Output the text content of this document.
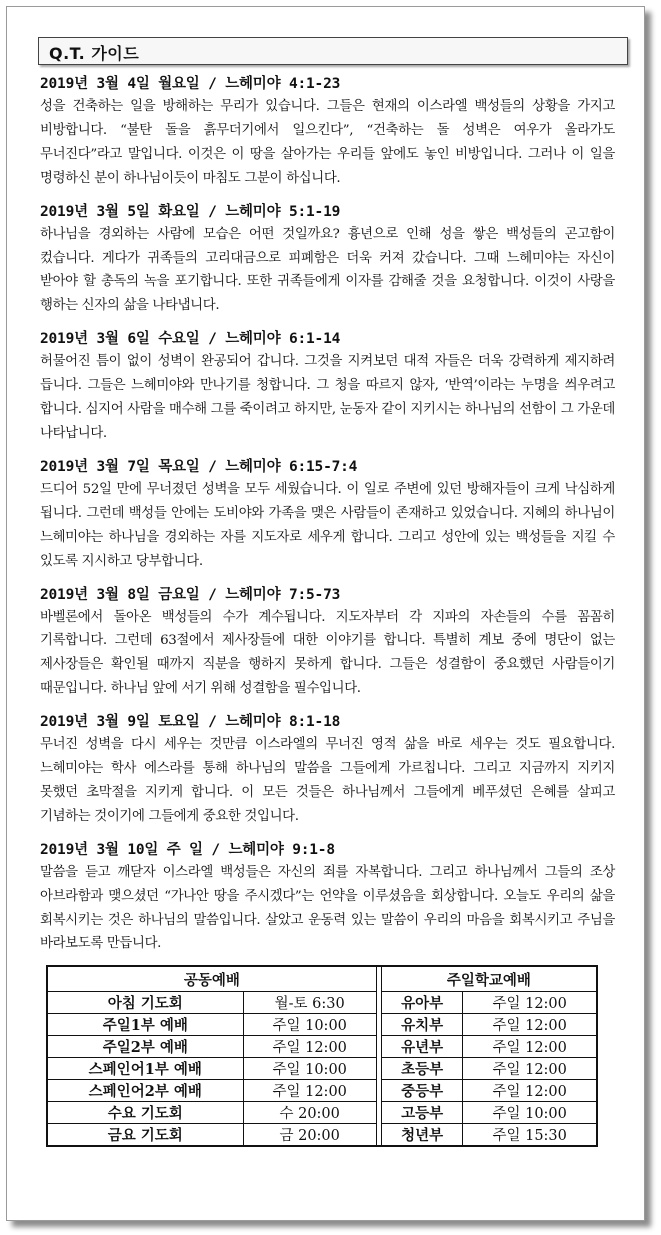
Q.T. 가이드
2019년 3월 4일 월요일 / 느헤미야 4:1-23

성을 건축하는 일을 방해하는 무리가 있습니다. 그들은 현재의 이스라엘 백성들의 상황을 가지고 비방합니다. “불탄 돌을 흙무더기에서 일으킨다”, “건축하는 돌 성벽은 여우가 올라가도 무너진다”라고 말입니다. 이것은 이 땅을 살아가는 우리들 앞에도 놓인 비방입니다. 그러나 이 일을 명령하신 분이 하나님이듯이 마침도 그분이 하십니다.

2019년 3월 5일 화요일 / 느헤미야 5:1-19

하나님을 경외하는 사람에 모습은 어떤 것일까요? 흉년으로 인해 성을 쌓은 백성들의 곤고함이 컸습니다. 게다가 귀족들의 고리대금으로 피폐함은 더욱 커져 갔습니다. 그때 느헤미야는 자신이 받아야 할 총독의 녹을 포기합니다. 또한 귀족들에게 이자를 감해줄 것을 요청합니다. 이것이 사랑을 행하는 신자의 삶을 나타냅니다.

2019년 3월 6일 수요일 / 느헤미야 6:1-14

허물어진 틈이 없이 성벽이 완공되어 갑니다. 그것을 지켜보던 대적 자들은 더욱 강력하게 제지하려 듭니다. 그들은 느헤미야와 만나기를 청합니다. 그 청을 따르지 않자, ‘반역’이라는 누명을 씌우려고 합니다. 심지어 사람을 매수해 그를 죽이려고 하지만, 눈동자 같이 지키시는 하나님의 선함이 그 가운데 나타납니다.

2019년 3월 7일 목요일 / 느헤미야 6:15-7:4

드디어 52일 만에 무너졌던 성벽을 모두 세웠습니다. 이 일로 주변에 있던 방해자들이 크게 낙심하게 됩니다. 그런데 백성들 안에는 도비야와 가족을 맺은 사람들이 존재하고 있었습니다. 지혜의 하나님이 느헤미야는 하나님을 경외하는 자를 지도자로 세우게 합니다. 그리고 성안에 있는 백성들을 지킬 수 있도록 지시하고 당부합니다.

2019년 3월 8일 금요일 / 느헤미야 7:5-73

바벨론에서 돌아온 백성들의 수가 계수됩니다. 지도자부터 각 지파의 자손들의 수를 꼼꼼히 기록합니다. 그런데 63절에서 제사장들에 대한 이야기를 합니다. 특별히 계보 중에 명단이 없는 제사장들은 확인될 때까지 직분을 행하지 못하게 합니다. 그들은 성결함이 중요했던 사람들이기 때문입니다. 하나님 앞에 서기 위해 성결함을 필수입니다.

2019년 3월 9일 토요일 / 느헤미야 8:1-18

무너진 성벽을 다시 세우는 것만큼 이스라엘의 무너진 영적 삶을 바로 세우는 것도 필요합니다. 느헤미야는 학사 에스라를 통해 하나님의 말씀을 그들에게 가르칩니다. 그리고 지금까지 지키지 못했던 초막절을 지키게 합니다. 이 모든 것들은 하나님께서 그들에게 베푸셨던 은혜를 살피고 기념하는 것이기에 그들에게 중요한 것입니다.

2019년 3월 10일 주 일 / 느헤미야 9:1-8

말씀을 듣고 깨닫자 이스라엘 백성들은 자신의 죄를 자복합니다. 그리고 하나님께서 그들의 조상 아브라함과 맺으셨던 “가나안 땅을 주시겠다”는 언약을 이루셨음을 회상합니다. 오늘도 우리의 삶을 회복시키는 것은 하나님의 말씀입니다. 살았고 운동력 있는 말씀이 우리의 마음을 회복시키고 주님을 바라보도록 만듭니다.

공동예배			주일학교예배	
아침 기도회	월-토 6:30		유아부	주일 12:00
주일1부 예배	주일 10:00		유치부	주일 12:00
주일2부 예배	주일 12:00		유년부	주일 12:00
스페인어1부 예배	주일 10:00		초등부	주일 12:00
스페인어2부 예배	주일 12:00		중등부	주일 12:00
수요 기도회	수 20:00		고등부	주일 10:00
금요 기도회	금 20:00		청년부	주일 15:30
